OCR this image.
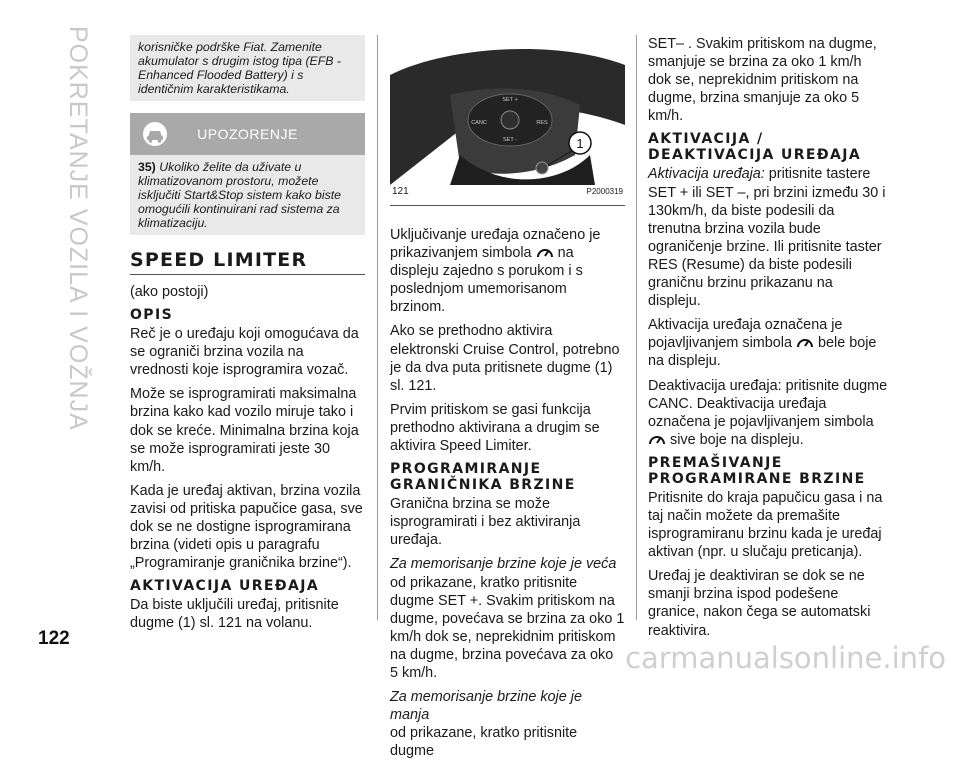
POKRETANJE VOZILA I VOŽNJA
122
carmanualsonline.info
korisničke podrške Fiat. Zamenite akumulator s drugim istog tipa (EFB - Enhanced Flooded Battery) i s identičnim karakteristikama.
UPOZORENJE
35) Ukoliko želite da uživate u klimatizovanom prostoru, možete isključiti Start&Stop sistem kako biste omogućili kontinuirani rad sistema za klimatizaciju.
SPEED LIMITER

(ako postoji)

OPIS

Reč je o uređaju koji omogućava da se ograniči brzina vozila na vrednosti koje isprogramira vozač.

Može se isprogramirati maksimalna brzina kako kad vozilo miruje tako i dok se kreće. Minimalna brzina koja se može isprogramirati jeste 30 km/h.

Kada je uređaj aktivan, brzina vozila zavisi od pritiska papučice gasa, sve dok se ne dostigne isprogramirana brzina (videti opis u paragrafu „Programiranje graničnika brzine“).

AKTIVACIJA UREĐAJA

Da biste uključili uređaj, pritisnite dugme (1) sl. 121 na volanu.

1
SET +
CANC	RES
SET -
121	P2000319

Uključivanje uređaja označeno je prikazivanjem simbola na displeju zajedno s porukom i s poslednjom umemorisanom brzinom.

Ako se prethodno aktivira elektronski Cruise Control, potrebno je da dva puta pritisnete dugme (1) sl. 121.

Prvim pritiskom se gasi funkcija prethodno aktivirana a drugim se aktivira Speed Limiter.

PROGRAMIRANJE GRANIČNIKA BRZINE

Granična brzina se može isprogramirati i bez aktiviranja uređaja.

Za memorisanje brzine koje je veća

od prikazane, kratko pritisnite dugme SET +. Svakim pritiskom na dugme, povećava se brzina za oko 1 km/h dok se, neprekidnim pritiskom na dugme, brzina povećava za oko 5 km/h.

Za memorisanje brzine koje je manja

od prikazane, kratko pritisnite dugme

SET– . Svakim pritiskom na dugme, smanjuje se brzina za oko 1 km/h dok se, neprekidnim pritiskom na dugme, brzina smanjuje za oko 5 km/h.

AKTIVACIJA / DEAKTIVACIJA UREĐAJA

Aktivacija uređaja: pritisnite tastere SET + ili SET –, pri brzini između 30 i 130km/h, da biste podesili da trenutna brzina vozila bude ograničenje brzine. Ili pritisnite taster RES (Resume) da biste podesili graničnu brzinu prikazanu na displeju.

Aktivacija uređaja označena je pojavljivanjem simbola bele boje na displeju.

Deaktivacija uređaja: pritisnite dugme CANC. Deaktivacija uređaja označena je pojavljivanjem simbola  sive boje na displeju.

PREMAŠIVANJE PROGRAMIRANE BRZINE

Pritisnite do kraja papučicu gasa i na taj način možete da premašite isprogramiranu brzinu kada je uređaj aktivan (npr. u slučaju preticanja).

Uređaj je deaktiviran se dok se ne smanji brzina ispod podešene granice, nakon čega se automatski reaktivira.
